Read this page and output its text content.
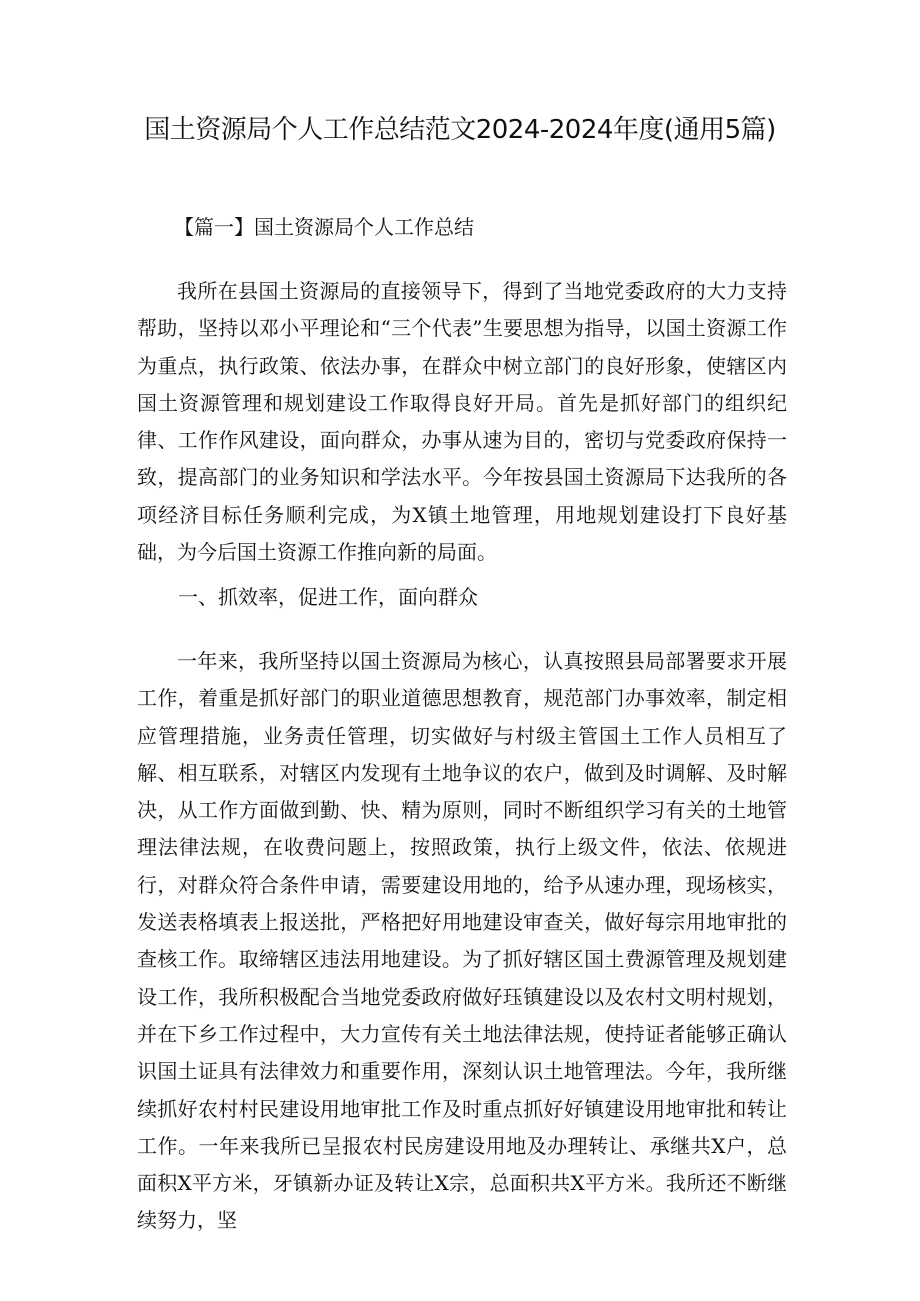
国土资源局个人工作总结范文2024-2024年度(通用5篇)
【篇一】国土资源局个人工作总结

我所在县国土资源局的直接领导下，得到了当地党委政府的大力支持帮助，坚持以邓小平理论和“三个代表”生要思想为指导，以国土资源工作为重点，执行政策、依法办事，在群众中树立部门的良好形象，使辖区内国土资源管理和规划建设工作取得良好开局。首先是抓好部门的组织纪律、工作作风建设，面向群众，办事从速为目的，密切与党委政府保持一致，提高部门的业务知识和学法水平。今年按县国土资源局下达我所的各项经济目标任务顺利完成，为X镇土地管理，用地规划建设打下良好基础，为今后国土资源工作推向新的局面。

一、抓效率，促进工作，面向群众

一年来，我所坚持以国土资源局为核心，认真按照县局部署要求开展工作，着重是抓好部门的职业道德思想教育，规范部门办事效率，制定相应管理措施，业务责任管理，切实做好与村级主管国土工作人员相互了解、相互联系，对辖区内发现有土地争议的农户，做到及时调解、及时解决，从工作方面做到勤、快、精为原则，同时不断组织学习有关的土地管理法律法规，在收费问题上，按照政策，执行上级文件，依法、依规进行，对群众符合条件申请，需要建设用地的，给予从速办理，现场核实，发送表格填表上报送批，严格把好用地建设审查关，做好每宗用地审批的查核工作。取缔辖区违法用地建设。为了抓好辖区国土费源管理及规划建设工作，我所积极配合当地党委政府做好珏镇建设以及农村文明村规划，并在下乡工作过程中，大力宣传有关土地法律法规，使持证者能够正确认识国土证具有法律效力和重要作用，深刻认识土地管理法。今年，我所继续抓好农村村民建设用地审批工作及时重点抓好好镇建设用地审批和转让工作。一年来我所已呈报农村民房建设用地及办理转让、承继共X户，总面积X平方米，牙镇新办证及转让X宗，总面积共X平方米。我所还不断继续努力，坚
